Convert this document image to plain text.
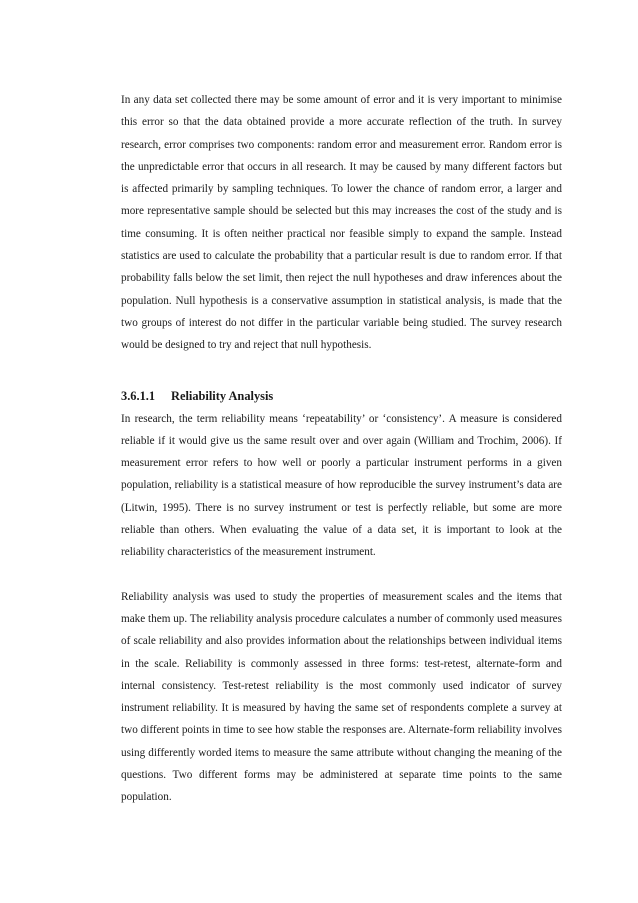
In any data set collected there may be some amount of error and it is very important to minimise this error so that the data obtained provide a more accurate reflection of the truth. In survey research, error comprises two components: random error and measurement error. Random error is the unpredictable error that occurs in all research. It may be caused by many different factors but is affected primarily by sampling techniques. To lower the chance of random error, a larger and more representative sample should be selected but this may increases the cost of the study and is time consuming. It is often neither practical nor feasible simply to expand the sample. Instead statistics are used to calculate the probability that a particular result is due to random error. If that probability falls below the set limit, then reject the null hypotheses and draw inferences about the population. Null hypothesis is a conservative assumption in statistical analysis, is made that the two groups of interest do not differ in the particular variable being studied. The survey research would be designed to try and reject that null hypothesis.

3.6.1.1 Reliability Analysis

In research, the term reliability means ‘repeatability’ or ‘consistency’. A measure is considered reliable if it would give us the same result over and over again (William and Trochim, 2006). If measurement error refers to how well or poorly a particular instrument performs in a given population, reliability is a statistical measure of how reproducible the survey instrument’s data are (Litwin, 1995). There is no survey instrument or test is perfectly reliable, but some are more reliable than others. When evaluating the value of a data set, it is important to look at the reliability characteristics of the measurement instrument.

Reliability analysis was used to study the properties of measurement scales and the items that make them up. The reliability analysis procedure calculates a number of commonly used measures of scale reliability and also provides information about the relationships between individual items in the scale. Reliability is commonly assessed in three forms: test-retest, alternate-form and internal consistency. Test-retest reliability is the most commonly used indicator of survey instrument reliability. It is measured by having the same set of respondents complete a survey at two different points in time to see how stable the responses are. Alternate-form reliability involves using differently worded items to measure the same attribute without changing the meaning of the questions. Two different forms may be administered at separate time points to the same population.
